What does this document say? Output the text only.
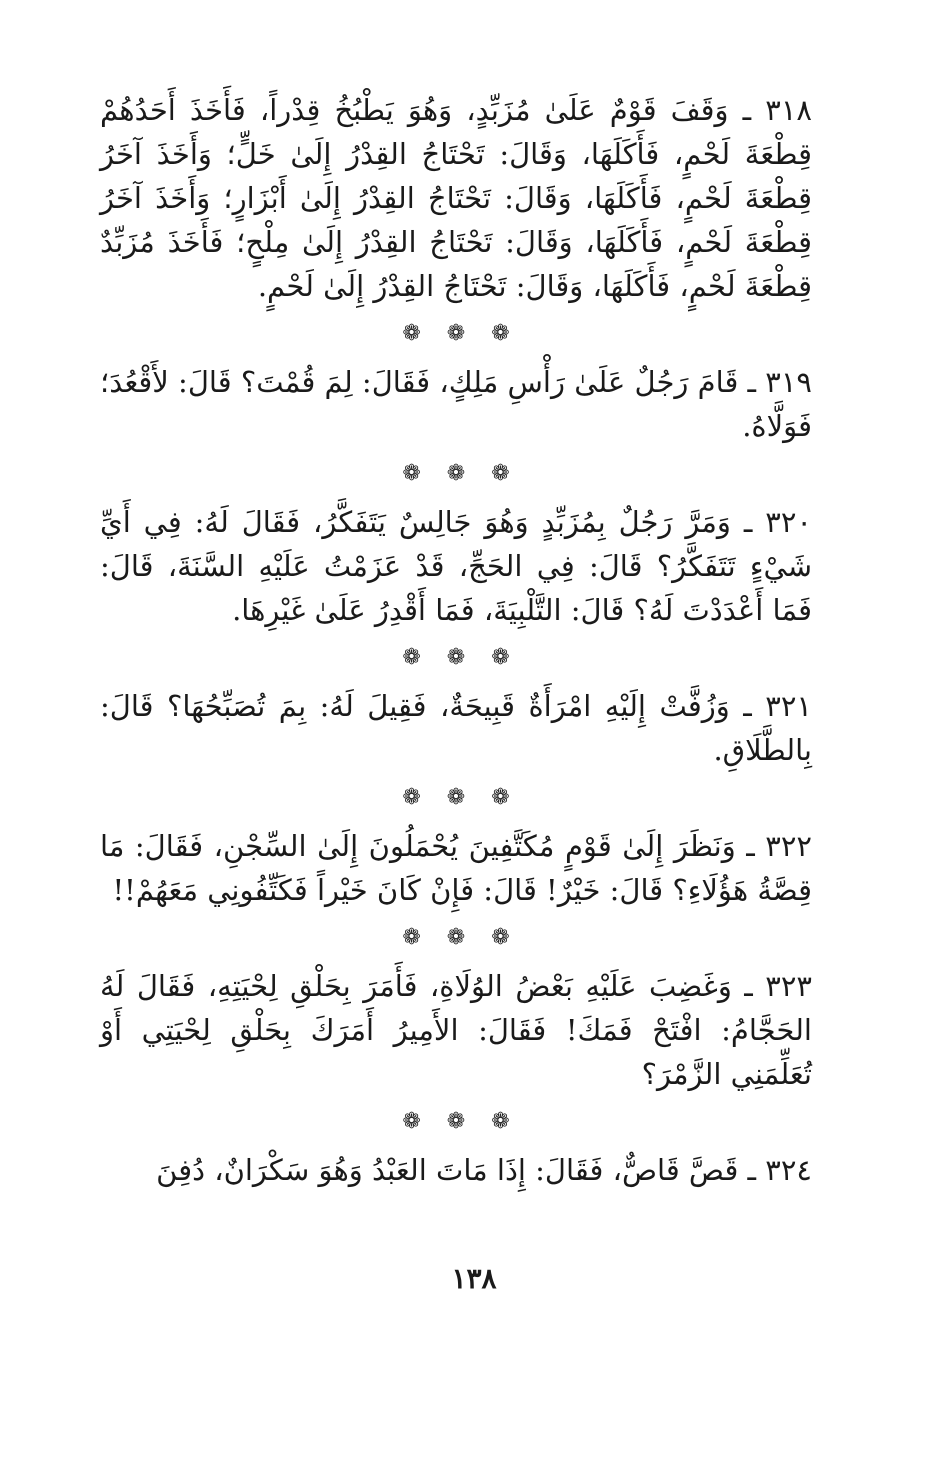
٣١٨ ـ وَقَفَ قَوْمٌ عَلَىٰ مُزَبِّدٍ، وَهُوَ يَطْبُخُ قِدْراً، فَأَخَذَ أَحَدُهُمْ قِطْعَةَ لَحْمٍ، فَأَكَلَهَا، وَقَالَ: تَحْتَاجُ القِدْرُ إِلَىٰ خَلٍّ؛ وَأَخَذَ آخَرُ قِطْعَةَ لَحْمٍ، فَأَكَلَهَا، وَقَالَ: تَحْتَاجُ القِدْرُ إِلَىٰ أَبْزَارٍ؛ وَأَخَذَ آخَرُ قِطْعَةَ لَحْمٍ، فَأَكَلَهَا، وَقَالَ: تَحْتَاجُ القِدْرُ إِلَىٰ مِلْحٍ؛ فَأَخَذَ مُزَبِّدٌ قِطْعَةَ لَحْمٍ، فَأَكَلَهَا، وَقَالَ: تَحْتَاجُ القِدْرُ إِلَىٰ لَحْمٍ.

❁ ❁ ❁

٣١٩ ـ قَامَ رَجُلٌ عَلَىٰ رَأْسِ مَلِكٍ، فَقَالَ: لِمَ قُمْتَ؟ قَالَ: لأَقْعُدَ؛ فَوَلَّاهُ.

❁ ❁ ❁

٣٢٠ ـ وَمَرَّ رَجُلٌ بِمُزَبِّدٍ وَهُوَ جَالِسٌ يَتَفَكَّرُ، فَقَالَ لَهُ: فِي أَيِّ شَيْءٍ تَتَفَكَّرُ؟ قَالَ: فِي الحَجِّ، قَدْ عَزَمْتُ عَلَيْهِ السَّنَةَ، قَالَ: فَمَا أَعْدَدْتَ لَهُ؟ قَالَ: التَّلْبِيَةَ، فَمَا أَقْدِرُ عَلَىٰ غَيْرِهَا.

❁ ❁ ❁

٣٢١ ـ وَزُفَّتْ إِلَيْهِ امْرَأَةٌ قَبِيحَةٌ، فَقِيلَ لَهُ: بِمَ تُصَبِّحُهَا؟ قَالَ: بِالطَّلَاقِ.

❁ ❁ ❁

٣٢٢ ـ وَنَظَرَ إِلَىٰ قَوْمٍ مُكَتَّفِينَ يُحْمَلُونَ إِلَىٰ السِّجْنِ، فَقَالَ: مَا قِصَّةُ هَؤُلَاءِ؟ قَالَ: خَيْرٌ! قَالَ: فَإِنْ كَانَ خَيْراً فَكَتِّفُونِي مَعَهُمْ!!

❁ ❁ ❁

٣٢٣ ـ وَغَضِبَ عَلَيْهِ بَعْضُ الوُلَاةِ، فَأَمَرَ بِحَلْقِ لِحْيَتِهِ، فَقَالَ لَهُ الحَجَّامُ: افْتَحْ فَمَكَ! فَقَالَ: الأَمِيرُ أَمَرَكَ بِحَلْقِ لِحْيَتِي أَوْ تُعَلِّمَنِي الزَّمْرَ؟

❁ ❁ ❁

٣٢٤ ـ قَصَّ قَاصٌّ، فَقَالَ: إِذَا مَاتَ العَبْدُ وَهُوَ سَكْرَانٌ، دُفِنَ

١٣٨
